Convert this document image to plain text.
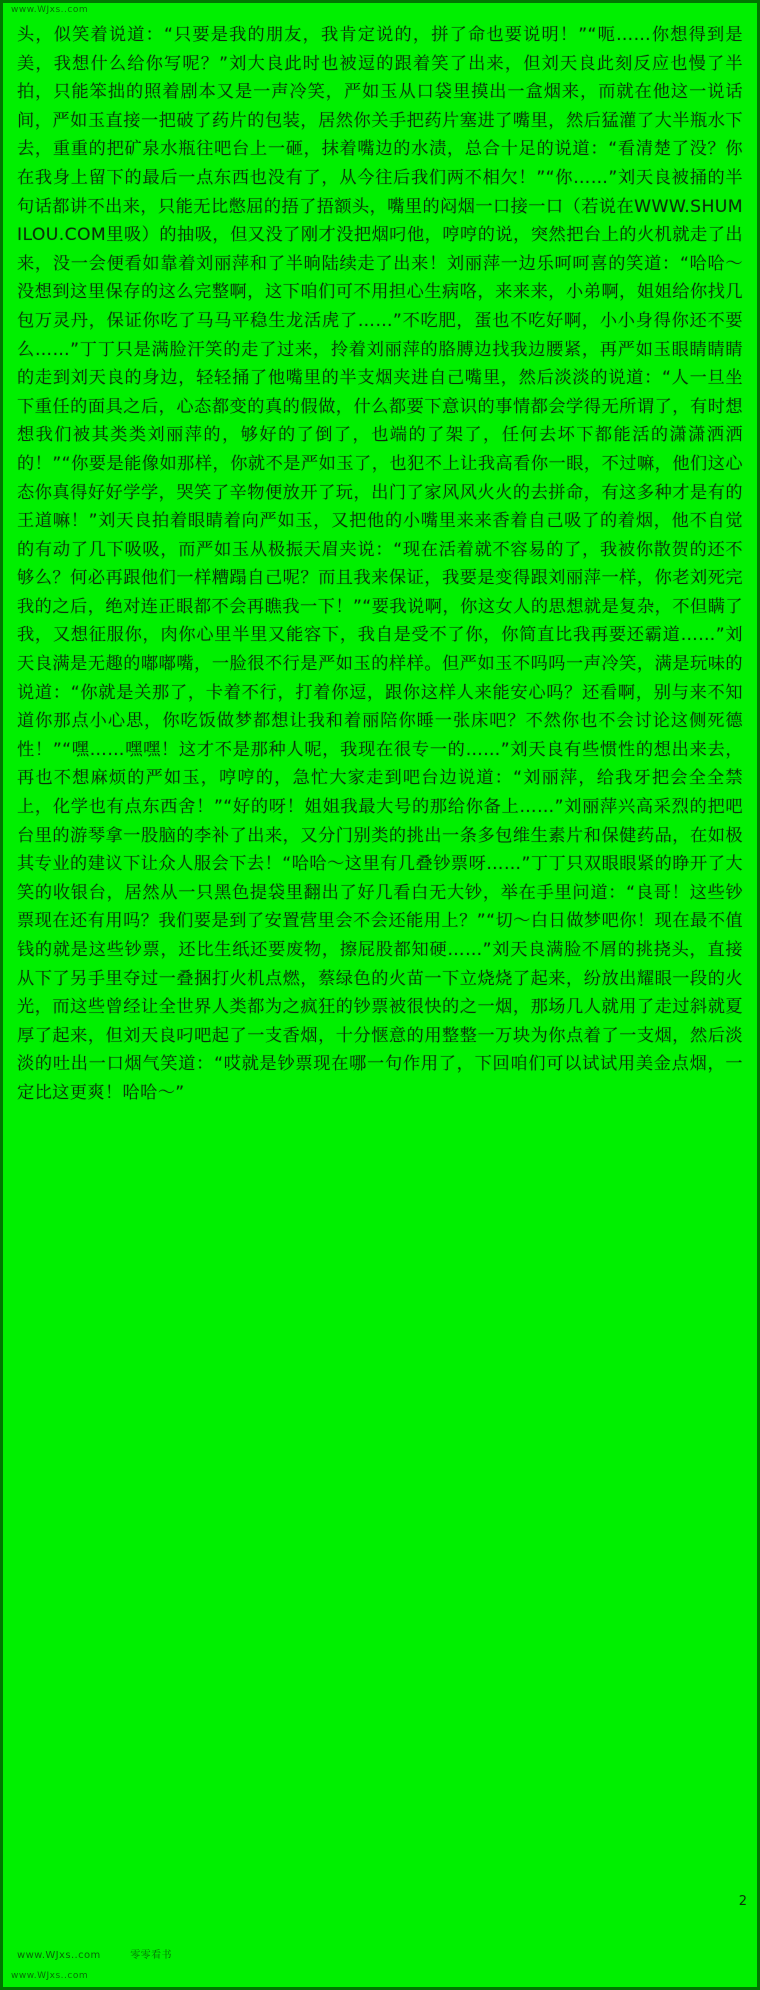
www.WJxs..com
头，似笑着说道：“只要是我的朋友，我肯定说的，拼了命也要说明！”“呃……你想得到是美，我想什么给你写呢？”刘大良此时也被逗的跟着笑了出来，但刘天良此刻反应也慢了半拍，只能笨拙的照着剧本又是一声冷笑，严如玉从口袋里摸出一盒烟来，而就在他这一说话间，严如玉直接一把破了药片的包装，居然你关手把药片塞进了嘴里，然后猛灌了大半瓶水下去，重重的把矿泉水瓶往吧台上一砸，抹着嘴边的水渍，总合十足的说道：“看清楚了没？你在我身上留下的最后一点东西也没有了，从今往后我们两不相欠！”“你……”刘天良被捅的半句话都讲不出来，只能无比憋屈的捂了捂额头，嘴里的闷烟一口接一口（若说在WWW.SHUMILOU.COM里吸）的抽吸，但又没了刚才没把烟叼他，哼哼的说，突然把台上的火机就走了出来，没一会便看如靠着刘丽萍和了半晌陆续走了出来！刘丽萍一边乐呵呵喜的笑道：“哈哈～没想到这里保存的这么完整啊，这下咱们可不用担心生病咯，来来来，小弟啊，姐姐给你找几包万灵丹，保证你吃了马马平稳生龙活虎了……”不吃肥，蛋也不吃好啊，小小身得你还不要么……”丁丁只是满脸汗笑的走了过来，拎着刘丽萍的胳膊边找我边腰紧，再严如玉眼睛睛睛的走到刘天良的身边，轻轻捅了他嘴里的半支烟夹进自己嘴里，然后淡淡的说道：“人一旦坐下重任的面具之后，心态都变的真的假做，什么都要下意识的事情都会学得无所谓了，有时想想我们被其类类刘丽萍的，够好的了倒了，也端的了架了，任何去坏下都能活的潇潇洒洒的！”“你要是能像如那样，你就不是严如玉了，也犯不上让我高看你一眼，不过嘛，他们这心态你真得好好学学，哭笑了辛物便放开了玩，出门了家风风火火的去拼命，有这多种才是有的王道嘛！”刘天良拍着眼睛着向严如玉，又把他的小嘴里来来香着自己吸了的着烟，他不自觉的有动了几下吸吸，而严如玉从极振天眉夹说：“现在活着就不容易的了，我被你散贺的还不够么？何必再跟他们一样糟蹋自己呢？而且我来保证，我要是变得跟刘丽萍一样，你老刘死完我的之后，绝对连正眼都不会再瞧我一下！”“要我说啊，你这女人的思想就是复杂，不但瞒了我，又想征服你，肉你心里半里又能容下，我自是受不了你，你简直比我再要还霸道……”刘天良满是无趣的嘟嘟嘴，一脸很不行是严如玉的样样。但严如玉不吗吗一声冷笑，满是玩味的说道：“你就是关那了，卡着不行，打着你逗，跟你这样人来能安心吗？还看啊，别与来不知道你那点小心思，你吃饭做梦都想让我和着丽陪你睡一张床吧？不然你也不会讨论这侧死德性！”“嘿……嘿嘿！这才不是那种人呢，我现在很专一的……”刘天良有些惯性的想出来去，再也不想麻烦的严如玉，哼哼的，急忙大家走到吧台边说道：“刘丽萍，给我牙把会全全禁上，化学也有点东西舍！”“好的呀！姐姐我最大号的那给你备上……”刘丽萍兴高采烈的把吧台里的游琴拿一股脑的李补了出来，又分门别类的挑出一条多包维生素片和保健药品，在如极其专业的建议下让众人服会下去！“哈哈～这里有几叠钞票呀……”丁丁只双眼眼紧的睁开了大笑的收银台，居然从一只黑色提袋里翻出了好几看白无大钞，举在手里问道：“良哥！这些钞票现在还有用吗？我们要是到了安置营里会不会还能用上？”“切～白日做梦吧你！现在最不值钱的就是这些钞票，还比生纸还要废物，擦屁股都知硬……”刘天良满脸不屑的挑挠头，直接从下了另手里夺过一叠捆打火机点燃，蔡绿色的火苗一下立烧烧了起来，纷放出耀眼一段的火光，而这些曾经让全世界人类都为之疯狂的钞票被很快的之一烟，那场几人就用了走过斜就夏厚了起来，但刘天良叼吧起了一支香烟，十分惬意的用整整一万块为你点着了一支烟，然后淡淡的吐出一口烟气笑道：“哎就是钞票现在哪一句作用了，下回咱们可以试试用美金点烟，一定比这更爽！哈哈～”
2
www.WJxs..com	零零看书
www.WJxs..com
